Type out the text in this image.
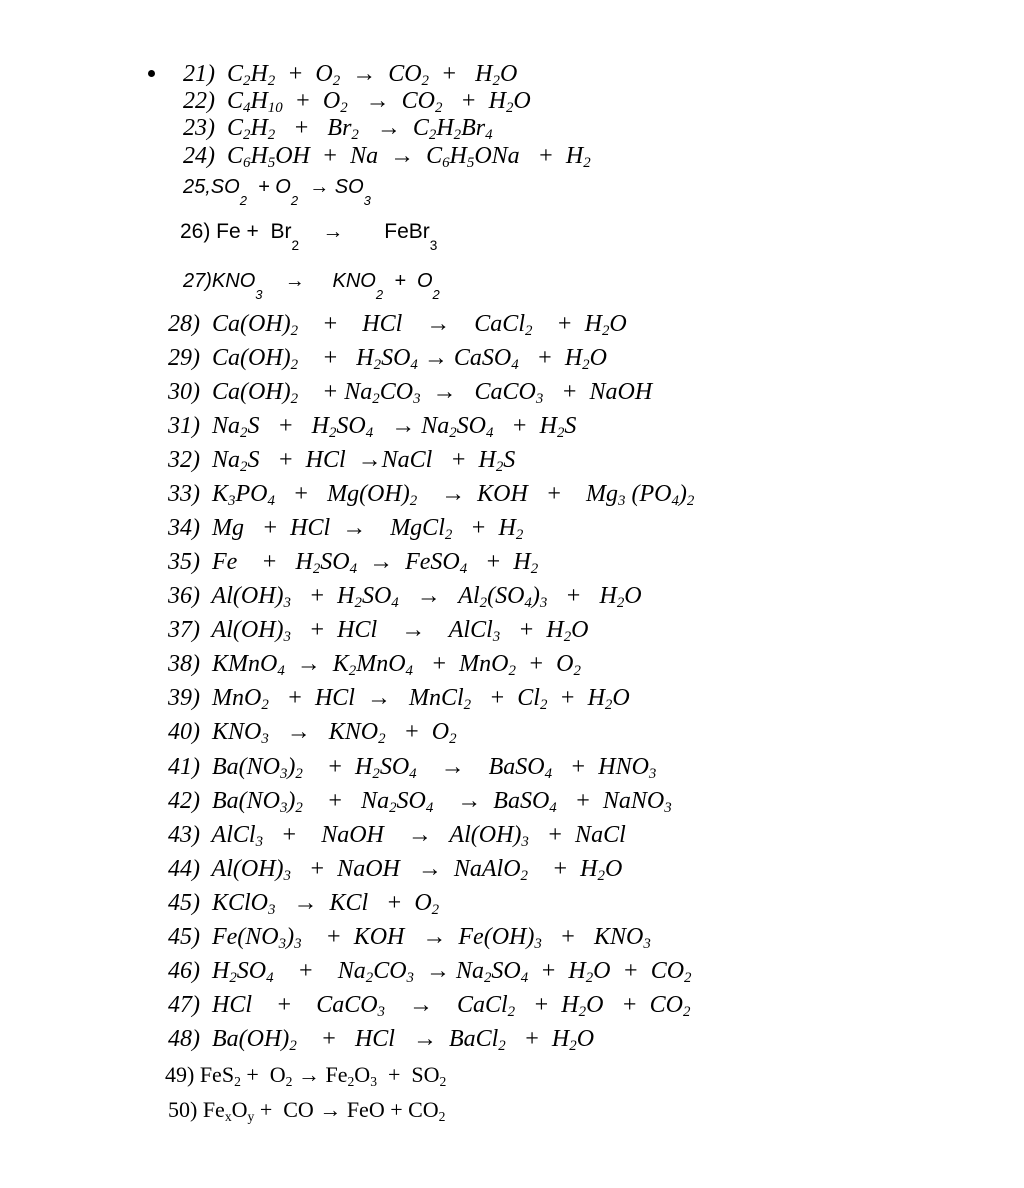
21)  $C_2H_2 + O_2 \to CO_2 + H_2O$
22)  $C_4H_{10} + O_2 \to CO_2 + H_2O$
23)  $C_2H_2 + Br_2 \to C_2H_2Br_4$
24)  $C_6H_5OH + Na \to C_6H_5ONa + H_2$
$25,SO_2 + O_2 \to SO_3$
26) $Fe + Br_2$    →       FeBr$_3$
$27)KNO_3$    →     $KNO_2 + O_2$
28)  $Ca(OH)_2$    +    HCl    →    CaCl$_2$    +  $H_2O$
29)  $Ca(OH)_2$    +   $H_2SO_4$ → CaSO$_4$   +  $H_2O$
30)  $Ca(OH)_2$    + $Na_2CO_3$  →   CaCO$_3$   +  NaOH
31)  $Na_2S + H_2SO_4 \to Na_2SO_4 + H_2S$
32)  $Na_2S$   +  HCl  →NaCl   +  $H_2S$
33)  $K_3PO_4 + Mg(OH)_2$    →  KOH   +    $Mg_3$ $(PO_4)_2$
34)  Mg   +  HCl  →    MgCl$_2$   +  $H_2$
35)  Fe    +   $H_2SO_4$  →  FeSO$_4$   +  $H_2$
36)  $Al(OH)_3 + H_2SO_4 \to Al_2(SO_4)_3 + H_2O$
37)  $Al(OH)_3$   +  HCl    →    AlCl$_3$   +  $H_2O$
38)  KMnO$_4$  →  $K_2MnO_4 + MnO_2 + O_2$
39)  MnO$_2$   +  HCl  →   MnCl$_2$   +  $Cl_2 + H_2O$
40)  $KNO_3 \to KNO_2 + O_2$
41)  $Ba(NO_3)_2$    +  $H_2SO_4$    →    BaSO$_4$   +  $HNO_3$
42)  $Ba(NO_3)_2$    +   $Na_2SO_4$    →  BaSO$_4$   +  NaNO$_3$
43)  AlCl$_3$   +    NaOH    →   $Al(OH)_3$   +  NaCl
44)  $Al(OH)_3$   +  NaOH   →  NaAlO$_2$    +  $H_2O$
45)  KClO$_3$   →  KCl   +  $O_2$
45)  $Fe(NO_3)_3$    +  KOH   →  $Fe(OH)_3 + KNO_3$
46)  $H_2SO_4$    +    $Na_2CO_3 \to Na_2SO_4 + H_2O + CO_2$
47)  HCl    +    CaCO$_3$    →    CaCl$_2$   +  $H_2O + CO_2$
48)  $Ba(OH)_2$    +   HCl   →  BaCl$_2$   +  $H_2O$
49) $FeS_2 + O_2 \to Fe_2O_3 + SO_2$
50) $Fe_xO_y$ +  CO → FeO + $CO_2$
